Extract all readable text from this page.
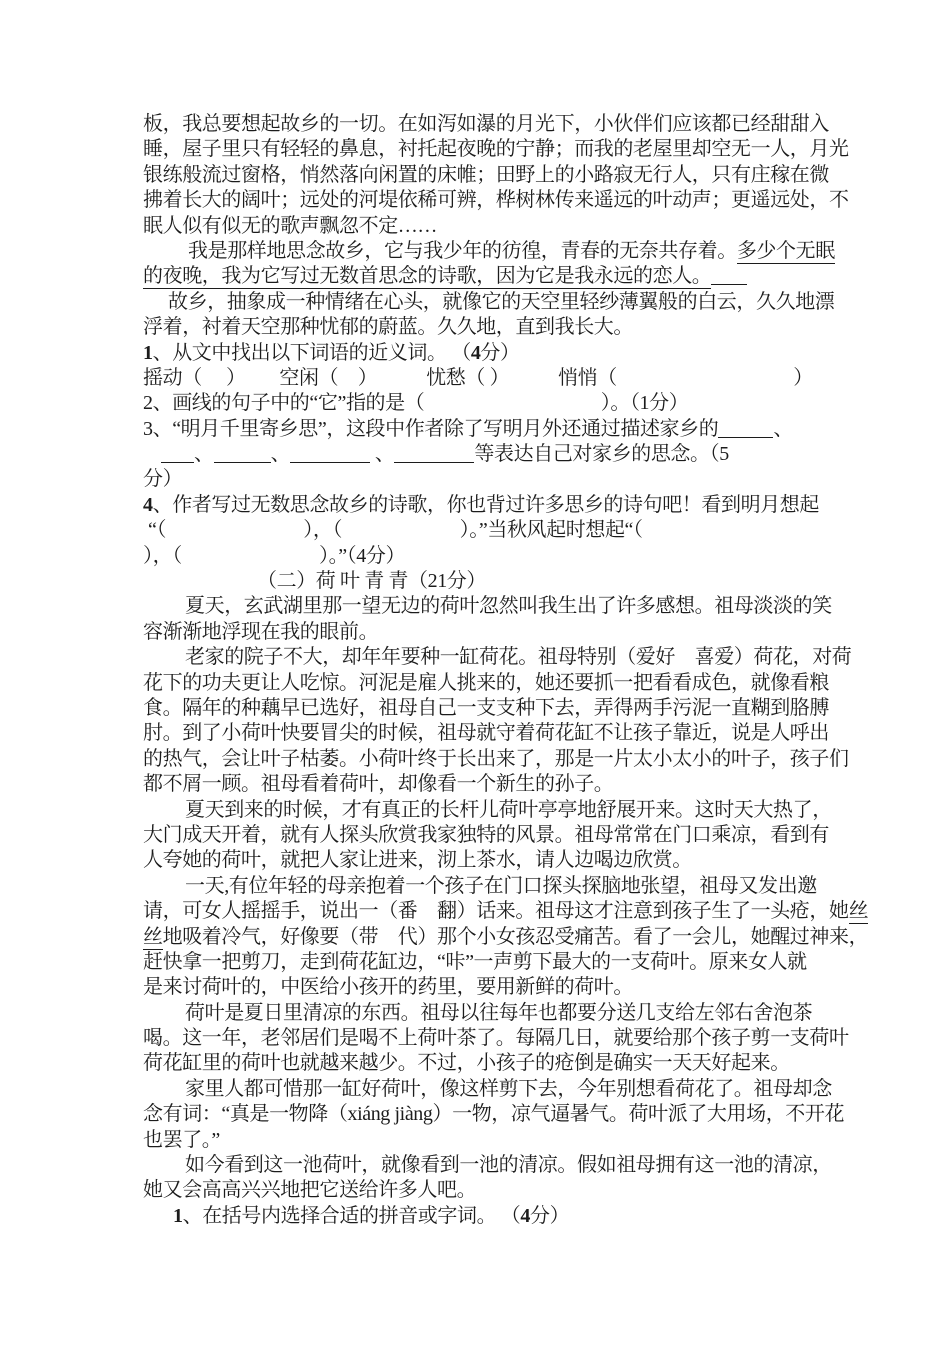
板，我总要想起故乡的一切。在如泻如瀑的月光下，小伙伴们应该都已经甜甜入
睡，屋子里只有轻轻的鼻息，衬托起夜晚的宁静；而我的老屋里却空无一人，月光
银练般流过窗格，悄然落向闲置的床帷；田野上的小路寂无行人，只有庄稼在微
拂着长大的阔叶；远处的河堤依稀可辨，桦树林传来遥远的叶动声；更遥远处，不
眠人似有似无的歌声飘忽不定……
我是那样地思念故乡，它与我少年的彷徨，青春的无奈共存着。多少个无眠
的夜晚，我为它写过无数首思念的诗歌，因为它是我永远的恋人。
故乡，抽象成一种情绪在心头，就像它的天空里轻纱薄翼般的白云，久久地漂
浮着，衬着天空那种忧郁的蔚蓝。久久地，直到我长大。
1、从文中找出以下词语的近义词。 （4分）
摇动（　 ）　　 空闲（　）　　　忧愁（ ）　　　悄悄（　　　　　　　　　）
2、画线的句子中的“它”指的是（　　　　　　　　　）。（1分）
3、“明月千里寄乡思”，这段中作者除了写明月外还通过描述家乡的	、
、	、	、	等表达自己对家乡的思念。（5
分）
4、作者写过无数思念故乡的诗歌，你也背过许多思乡的诗句吧！看到明月想起
“（　　　　　　　），（　　　　　　）。”当秋风起时想起“（
），（　　　　　　　）。”（4分）
（二）荷 叶 青 青（21分）
夏天，玄武湖里那一望无边的荷叶忽然叫我生出了许多感想。祖母淡淡的笑
容渐渐地浮现在我的眼前。
老家的院子不大，却年年要种一缸荷花。祖母特别（爱好　喜爱）荷花，对荷
花下的功夫更让人吃惊。河泥是雇人挑来的，她还要抓一把看看成色，就像看粮
食。隔年的种藕早已选好，祖母自己一支支种下去，弄得两手污泥一直糊到胳膊
肘。到了小荷叶快要冒尖的时候，祖母就守着荷花缸不让孩子靠近，说是人呼出
的热气，会让叶子枯萎。小荷叶终于长出来了，那是一片太小太小的叶子，孩子们
都不屑一顾。祖母看着荷叶，却像看一个新生的孙子。
夏天到来的时候，才有真正的长杆儿荷叶亭亭地舒展开来。这时天大热了，
大门成天开着，就有人探头欣赏我家独特的风景。祖母常常在门口乘凉，看到有
人夸她的荷叶，就把人家让进来，沏上茶水，请人边喝边欣赏。
一天,有位年轻的母亲抱着一个孩子在门口探头探脑地张望，祖母又发出邀
请，可女人摇摇手，说出一（番　翻）话来。祖母这才注意到孩子生了一头疮，她丝
丝地吸着冷气，好像要（带　代）那个小女孩忍受痛苦。看了一会儿，她醒过神来，
赶快拿一把剪刀，走到荷花缸边，“咔”一声剪下最大的一支荷叶。原来女人就
是来讨荷叶的，中医给小孩开的药里，要用新鲜的荷叶。
荷叶是夏日里清凉的东西。祖母以往每年也都要分送几支给左邻右舍泡茶
喝。这一年，老邻居们是喝不上荷叶茶了。每隔几日，就要给那个孩子剪一支荷叶
荷花缸里的荷叶也就越来越少。不过，小孩子的疮倒是确实一天天好起来。
家里人都可惜那一缸好荷叶，像这样剪下去，今年别想看荷花了。祖母却念
念有词：“真是一物降（xiáng jiàng）一物，凉气逼暑气。荷叶派了大用场，不开花
也罢了。”
如今看到这一池荷叶，就像看到一池的清凉。假如祖母拥有这一池的清凉，
她又会高高兴兴地把它送给许多人吧。
1、在括号内选择合适的拼音或字词。 （4分）
